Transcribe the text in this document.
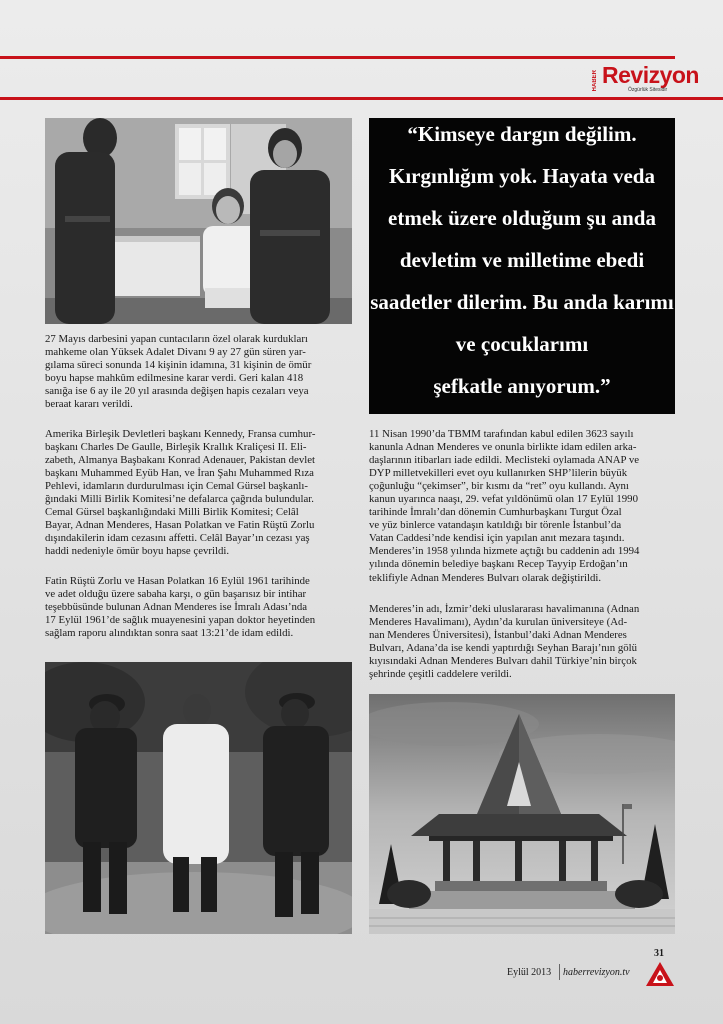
HABER Revizyon
Özgürlük Sitesidir
“Kimseye dargın değilim.
Kırgınlığım yok. Hayata veda
etmek üzere olduğum şu anda
devletim ve milletime ebedi
saadetler dilerim. Bu anda karımı
ve çocuklarımı
şefkatle anıyorum.”
27 Mayıs darbesini yapan cuntacıların özel olarak kurdukları
mahkeme olan Yüksek Adalet Divanı 9 ay 27 gün süren yar-
gılama süreci sonunda 14 kişinin idamına, 31 kişinin de ömür
boyu hapse mahkûm edilmesine karar verdi. Geri kalan 418
sanığa ise 6 ay ile 20 yıl arasında değişen hapis cezaları veya
beraat kararı verildi.
Amerika Birleşik Devletleri başkanı Kennedy, Fransa cumhur-
başkanı Charles De Gaulle, Birleşik Krallık Kraliçesi II. Eli-
zabeth, Almanya Başbakanı Konrad Adenauer, Pakistan devlet
başkanı Muhammed Eyüb Han, ve İran Şahı Muhammed Rıza
Pehlevi, idamların durdurulması için Cemal Gürsel başkanlı-
ğındaki Milli Birlik Komitesi’ne defalarca çağrıda bulundular.
Cemal Gürsel başkanlığındaki Milli Birlik Komitesi; Celâl
Bayar, Adnan Menderes, Hasan Polatkan ve Fatin Rüştü Zorlu
dışındakilerin idam cezasını affetti. Celâl Bayar’ın cezası yaş
haddi nedeniyle ömür boyu hapse çevrildi.
Fatin Rüştü Zorlu ve Hasan Polatkan 16 Eylül 1961 tarihinde
ve adet olduğu üzere sabaha karşı, o gün başarısız bir intihar
teşebbüsünde bulunan Adnan Menderes ise İmralı Adası’nda
17 Eylül 1961’de sağlık muayenesini yapan doktor heyetinden
sağlam raporu alındıktan sonra saat 13:21’de idam edildi.
11 Nisan 1990’da TBMM tarafından kabul edilen 3623 sayılı
kanunla Adnan Menderes ve onunla birlikte idam edilen arka-
daşlarının itibarları iade edildi. Meclisteki oylamada ANAP ve
DYP milletvekilleri evet oyu kullanırken SHP’lilerin büyük
çoğunluğu “çekimser”, bir kısmı da “ret” oyu kullandı. Aynı
kanun uyarınca naaşı, 29. vefat yıldönümü olan 17 Eylül 1990
tarihinde İmralı’dan dönemin Cumhurbaşkanı Turgut Özal
ve yüz binlerce vatandaşın katıldığı bir törenle İstanbul’da
Vatan Caddesi’nde kendisi için yapılan anıt mezara taşındı.
Menderes’in 1958 yılında hizmete açtığı bu caddenin adı 1994
yılında dönemin belediye başkanı Recep Tayyip Erdoğan’ın
teklifiyle Adnan Menderes Bulvarı olarak değiştirildi.
Menderes’in adı, İzmir’deki uluslararası havalimanına (Adnan
Menderes Havalimanı), Aydın’da kurulan üniversiteye (Ad-
nan Menderes Üniversitesi), İstanbul’daki Adnan Menderes
Bulvarı, Adana’da ise kendi yaptırdığı Seyhan Barajı’nın gölü
kıyısındaki Adnan Menderes Bulvarı dahil Türkiye’nin birçok
şehrinde çeşitli caddelere verildi.
31
Eylül 2013 haberrevizyon.tv
